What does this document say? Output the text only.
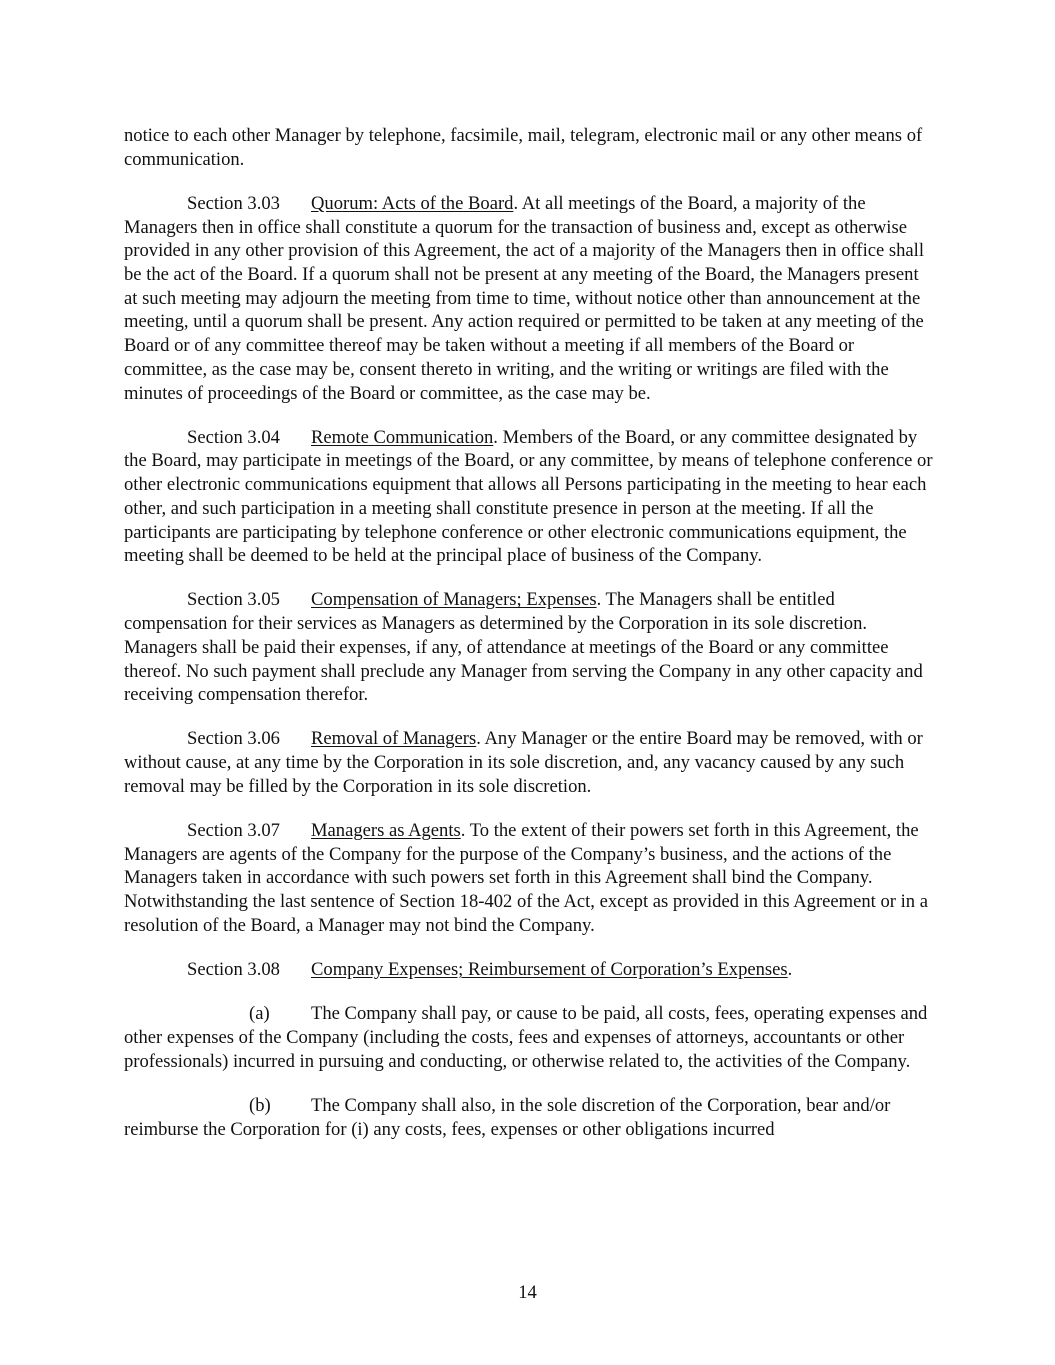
notice to each other Manager by telephone, facsimile, mail, telegram, electronic mail or any other means of communication.

Section 3.03 Quorum: Acts of the Board. At all meetings of the Board, a majority of the Managers then in office shall constitute a quorum for the transaction of business and, except as otherwise provided in any other provision of this Agreement, the act of a majority of the Managers then in office shall be the act of the Board. If a quorum shall not be present at any meeting of the Board, the Managers present at such meeting may adjourn the meeting from time to time, without notice other than announcement at the meeting, until a quorum shall be present. Any action required or permitted to be taken at any meeting of the Board or of any committee thereof may be taken without a meeting if all members of the Board or committee, as the case may be, consent thereto in writing, and the writing or writings are filed with the minutes of proceedings of the Board or committee, as the case may be.

Section 3.04 Remote Communication. Members of the Board, or any committee designated by the Board, may participate in meetings of the Board, or any committee, by means of telephone conference or other electronic communications equipment that allows all Persons participating in the meeting to hear each other, and such participation in a meeting shall constitute presence in person at the meeting. If all the participants are participating by telephone conference or other electronic communications equipment, the meeting shall be deemed to be held at the principal place of business of the Company.

Section 3.05 Compensation of Managers; Expenses. The Managers shall be entitled compensation for their services as Managers as determined by the Corporation in its sole discretion. Managers shall be paid their expenses, if any, of attendance at meetings of the Board or any committee thereof. No such payment shall preclude any Manager from serving the Company in any other capacity and receiving compensation therefor.

Section 3.06 Removal of Managers. Any Manager or the entire Board may be removed, with or without cause, at any time by the Corporation in its sole discretion, and, any vacancy caused by any such removal may be filled by the Corporation in its sole discretion.

Section 3.07 Managers as Agents. To the extent of their powers set forth in this Agreement, the Managers are agents of the Company for the purpose of the Company’s business, and the actions of the Managers taken in accordance with such powers set forth in this Agreement shall bind the Company. Notwithstanding the last sentence of Section 18-402 of the Act, except as provided in this Agreement or in a resolution of the Board, a Manager may not bind the Company.

Section 3.08 Company Expenses; Reimbursement of Corporation’s Expenses.

(a) The Company shall pay, or cause to be paid, all costs, fees, operating expenses and other expenses of the Company (including the costs, fees and expenses of attorneys, accountants or other professionals) incurred in pursuing and conducting, or otherwise related to, the activities of the Company.

(b) The Company shall also, in the sole discretion of the Corporation, bear and/or reimburse the Corporation for (i) any costs, fees, expenses or other obligations incurred

14
